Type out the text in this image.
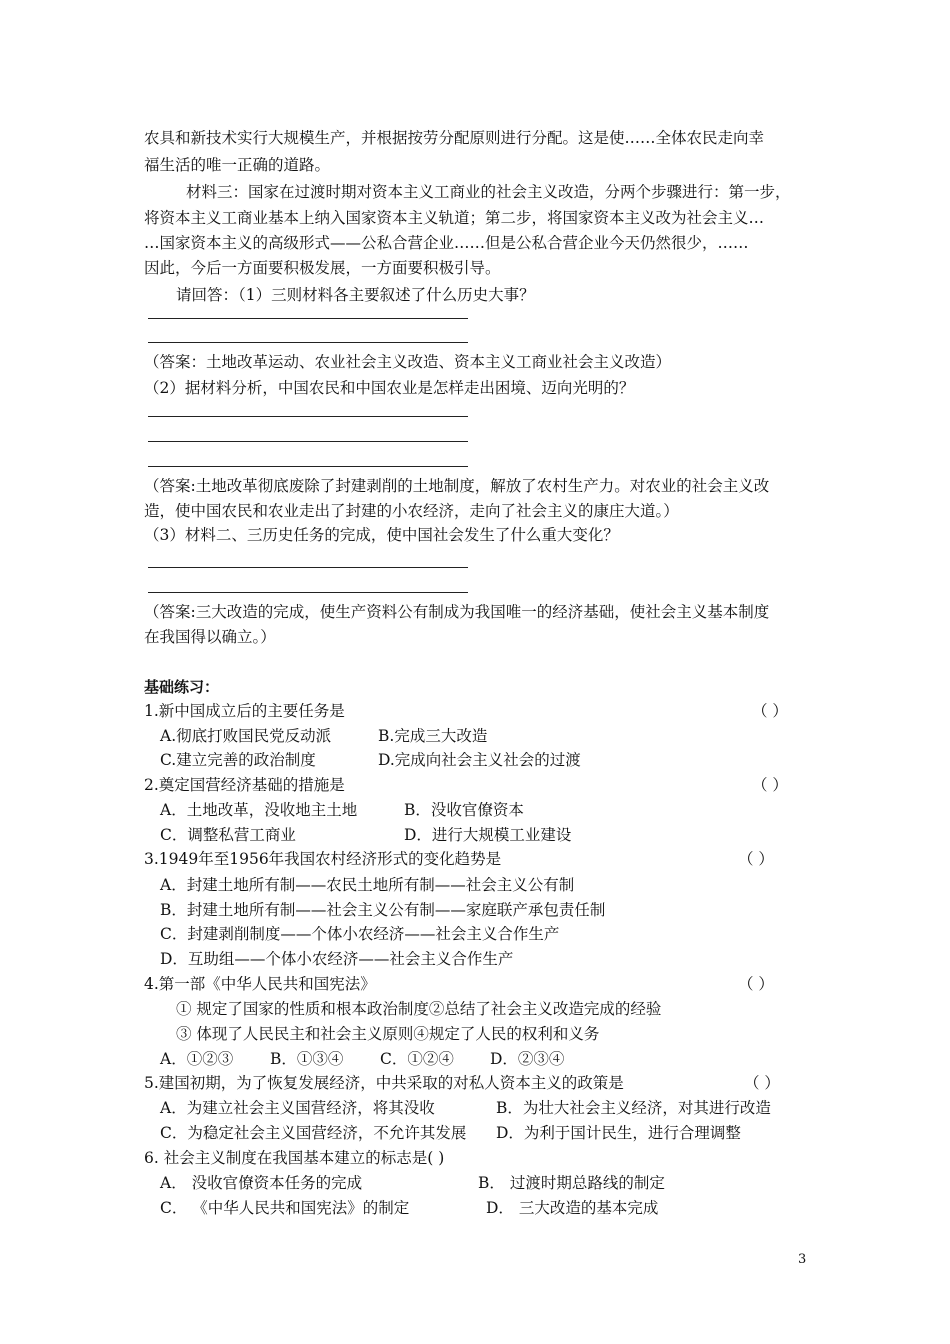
农具和新技术实行大规模生产，并根据按劳分配原则进行分配。这是使……全体农民走向幸
福生活的唯一正确的道路。
材料三：国家在过渡时期对资本主义工商业的社会主义改造，分两个步骤进行：第一步，
将资本主义工商业基本上纳入国家资本主义轨道；第二步，将国家资本主义改为社会主义…
…国家资本主义的高级形式——公私合营企业……但是公私合营企业今天仍然很少，……
因此，今后一方面要积极发展，一方面要积极引导。
请回答：（1）三则材料各主要叙述了什么历史大事？
（答案：土地改革运动、农业社会主义改造、资本主义工商业社会主义改造）
（2）据材料分析，中国农民和中国农业是怎样走出困境、迈向光明的？
（答案:土地改革彻底废除了封建剥削的土地制度，解放了农村生产力。对农业的社会主义改
造，使中国农民和农业走出了封建的小农经济，走向了社会主义的康庄大道。）
（3）材料二、三历史任务的完成，使中国社会发生了什么重大变化？
（答案:三大改造的完成，使生产资料公有制成为我国唯一的经济基础，使社会主义基本制度
在我国得以确立。）
基础练习：
1.新中国成立后的主要任务是	（ ）
A.彻底打败国民党反动派	B.完成三大改造
C.建立完善的政治制度	D.完成向社会主义社会的过渡
2.奠定国营经济基础的措施是	（ ）
A．土地改革，没收地主土地	B．没收官僚资本
C．调整私营工商业	D．进行大规模工业建设
3.1949年至1956年我国农村经济形式的变化趋势是	（ ）
A．封建土地所有制——农民土地所有制——社会主义公有制
B．封建土地所有制——社会主义公有制——家庭联产承包责任制
C．封建剥削制度——个体小农经济——社会主义合作生产
D．互助组——个体小农经济——社会主义合作生产
4.第一部《中华人民共和国宪法》	（ ）
① 规定了国家的性质和根本政治制度②总结了社会主义改造完成的经验
③ 体现了人民民主和社会主义原则④规定了人民的权利和义务
A．①②③ B．①③④ C．①②④ D．②③④
5.建国初期，为了恢复发展经济，中共采取的对私人资本主义的政策是	（ ）
A．为建立社会主义国营经济，将其没收	B．为壮大社会主义经济，对其进行改造
C．为稳定社会主义国营经济，不允许其发展 D．为利于国计民生，进行合理调整
6. 社会主义制度在我国基本建立的标志是( )
A． 没收官僚资本任务的完成	B． 过渡时期总路线的制定
C． 《中华人民共和国宪法》的制定	D． 三大改造的基本完成
3
